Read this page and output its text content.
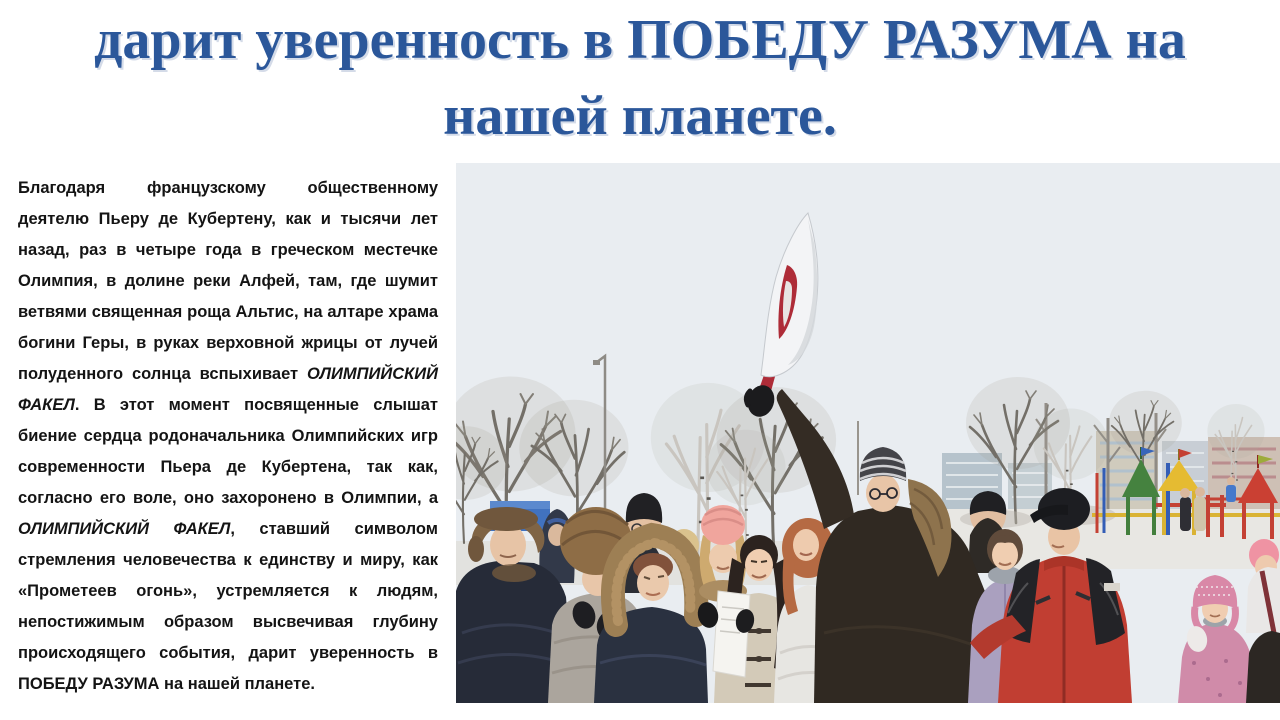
дарит уверенность в ПОБЕДУ РАЗУМА на
нашей планете.

Благодаря французскому общественному деятелю Пьеру де Кубертену, как и тысячи лет назад, раз в четыре года в греческом местечке Олимпия, в долине реки Алфей, там, где шумит ветвями священная роща Альтис, на алтаре храма богини Геры, в руках верховной жрицы от лучей полуденного солнца вспыхивает ОЛИМПИЙСКИЙ ФАКЕЛ. В этот момент посвященные слышат биение сердца родоначальника Олимпийских игр современности Пьера де Кубертена, так как, согласно его воле, оно захоронено в Олимпии, а ОЛИМПИЙСКИЙ ФАКЕЛ, ставший символом стремления человечества к единству и миру, как «Прометеев огонь», устремляется к людям, непостижимым образом высвечивая глубину происходящего события, дарит уверенность в ПОБЕДУ РАЗУМА на нашей планете.
